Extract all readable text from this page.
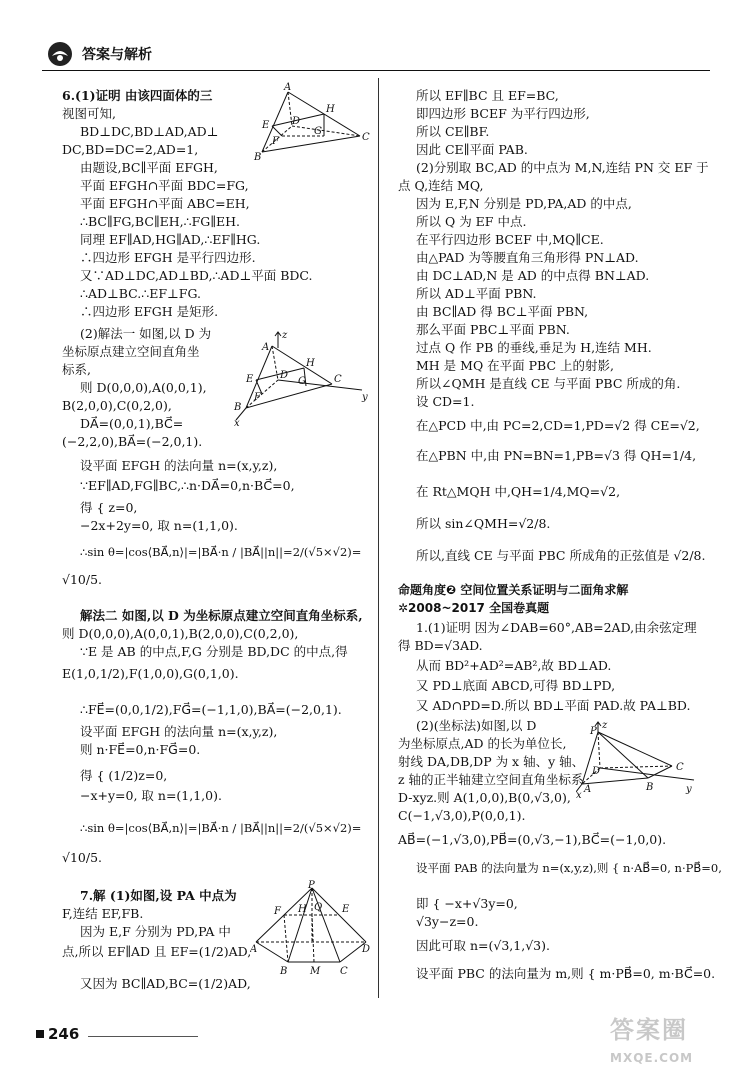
答案与解析
6.(1)证明 由该四面体的三
视图可知,
BD⊥DC,BD⊥AD,AD⊥
DC,BD=DC=2,AD=1,
由题设,BC∥平面 EFGH,
平面 EFGH∩平面 BDC=FG,
平面 EFGH∩平面 ABC=EH,
∴BC∥FG,BC∥EH,∴FG∥EH.
同理 EF∥AD,HG∥AD,∴EF∥HG.
∴四边形 EFGH 是平行四边形.
又∵AD⊥DC,AD⊥BD,∴AD⊥平面 BDC.
∴AD⊥BC.∴EF⊥FG.
∴四边形 EFGH 是矩形.
(2)解法一 如图,以 D 为
坐标原点建立空间直角坐
标系,
则 D(0,0,0),A(0,0,1),
B(2,0,0),C(0,2,0),
DA⃗=(0,0,1),BC⃗=
(−2,2,0),BA⃗=(−2,0,1).
设平面 EFGH 的法向量 n=(x,y,z),
∵EF∥AD,FG∥BC,∴n·DA⃗=0,n·BC⃗=0,
得 { z=0,
−2x+2y=0, 取 n=(1,1,0).
∴sin θ=|cos⟨BA⃗,n⟩|=|BA⃗·n / |BA⃗||n||=2/(√5×√2)=
√10/5.
解法二 如图,以 D 为坐标原点建立空间直角坐标系,
则 D(0,0,0),A(0,0,1),B(2,0,0),C(0,2,0),
∵E 是 AB 的中点,F,G 分别是 BD,DC 的中点,得
E(1,0,1/2),F(1,0,0),G(0,1,0).
∴FE⃗=(0,0,1/2),FG⃗=(−1,1,0),BA⃗=(−2,0,1).
设平面 EFGH 的法向量 n=(x,y,z),
则 n·FE⃗=0,n·FG⃗=0.
得 { (1/2)z=0,
−x+y=0, 取 n=(1,1,0).
∴sin θ=|cos⟨BA⃗,n⟩|=|BA⃗·n / |BA⃗||n||=2/(√5×√2)=
√10/5.
7.解 (1)如图,设 PA 中点为
F,连结 EF,FB.
因为 E,F 分别为 PD,PA 中
点,所以 EF∥AD 且 EF=(1/2)AD,
又因为 BC∥AD,BC=(1/2)AD,
A
E
H
F
G
D
B
C
z
A
H
E	G
F
D	C
B
x
y
P
H	E
F	Q
A	D
B M C
所以 EF∥BC 且 EF=BC,
即四边形 BCEF 为平行四边形,
所以 CE∥BF.
因此 CE∥平面 PAB.
(2)分别取 BC,AD 的中点为 M,N,连结 PN 交 EF 于
点 Q,连结 MQ,
因为 E,F,N 分别是 PD,PA,AD 的中点,
所以 Q 为 EF 中点.
在平行四边形 BCEF 中,MQ∥CE.
由△PAD 为等腰直角三角形得 PN⊥AD.
由 DC⊥AD,N 是 AD 的中点得 BN⊥AD.
所以 AD⊥平面 PBN.
由 BC∥AD 得 BC⊥平面 PBN,
那么平面 PBC⊥平面 PBN.
过点 Q 作 PB 的垂线,垂足为 H,连结 MH.
MH 是 MQ 在平面 PBC 上的射影,
所以∠QMH 是直线 CE 与平面 PBC 所成的角.
设 CD=1.
在△PCD 中,由 PC=2,CD=1,PD=√2 得 CE=√2,
在△PBN 中,由 PN=BN=1,PB=√3 得 QH=1/4,
在 Rt△MQH 中,QH=1/4,MQ=√2,
所以 sin∠QMH=√2/8.
所以,直线 CE 与平面 PBC 所成角的正弦值是 √2/8.
命题角度❷ 空间位置关系证明与二面角求解
✲2008~2017 全国卷真题
1.(1)证明 因为∠DAB=60°,AB=2AD,由余弦定理
得 BD=√3AD.
从而 BD²+AD²=AB²,故 BD⊥AD.
又 PD⊥底面 ABCD,可得 BD⊥PD,
又 AD∩PD=D.所以 BD⊥平面 PAD.故 PA⊥BD.
(2)(坐标法)如图,以 D
为坐标原点,AD 的长为单位长,
射线 DA,DB,DP 为 x 轴、y 轴、
z 轴的正半轴建立空间直角坐标系
D-xyz.则 A(1,0,0),B(0,√3,0),
C(−1,√3,0),P(0,0,1).
AB⃗=(−1,√3,0),PB⃗=(0,√3,−1),BC⃗=(−1,0,0).
设平面 PAB 的法向量为 n=(x,y,z),则 { n·AB⃗=0, n·PB⃗=0,
即 { −x+√3y=0,
√3y−z=0.
因此可取 n=(√3,1,√3).
设平面 PBC 的法向量为 m,则 { m·PB⃗=0, m·BC⃗=0.
z
P
D
A	B
C
x
y
246	答案圈
MXQE.COM
